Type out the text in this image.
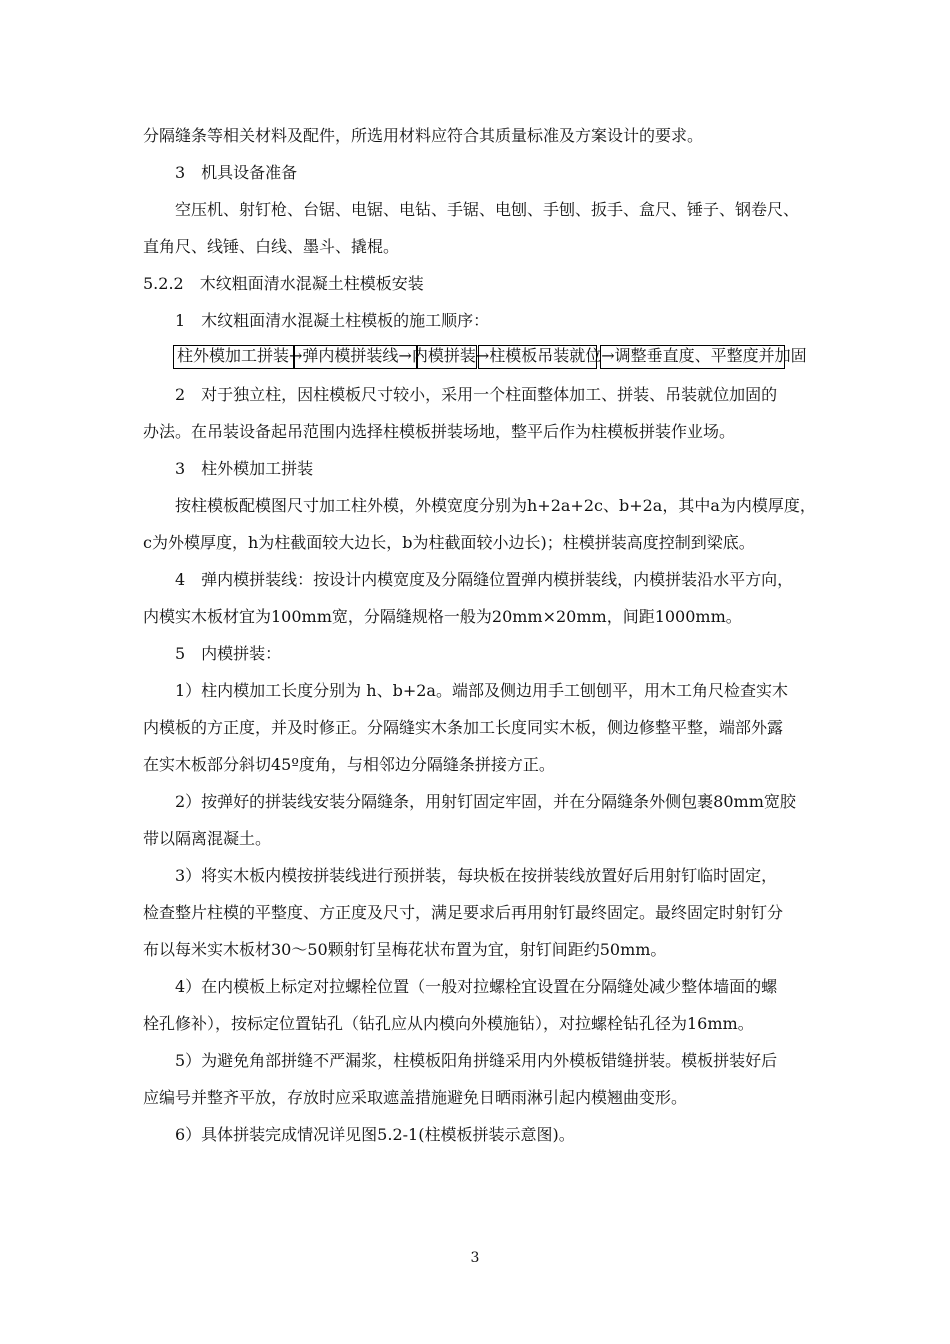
分隔缝条等相关材料及配件，所选用材料应符合其质量标准及方案设计的要求。
3　机具设备准备
空压机、射钉枪、台锯、电锯、电钻、手锯、电刨、手刨、扳手、盒尺、锤子、钢卷尺、
直角尺、线锤、白线、墨斗、撬棍。
5.2.2　木纹粗面清水混凝土柱模板安装
1　木纹粗面清水混凝土柱模板的施工顺序：
柱外模加工拼装→弹内模拼装线→内模拼装→柱模板吊装就位→调整垂直度、平整度并加固
2　对于独立柱，因柱模板尺寸较小，采用一个柱面整体加工、拼装、吊装就位加固的
办法。在吊装设备起吊范围内选择柱模板拼装场地，整平后作为柱模板拼装作业场。
3　柱外模加工拼装
按柱模板配模图尺寸加工柱外模，外模宽度分别为h+2a+2c、b+2a，其中a为内模厚度，
c为外模厚度，h为柱截面较大边长，b为柱截面较小边长)；柱模拼装高度控制到梁底。
4　弹内模拼装线：按设计内模宽度及分隔缝位置弹内模拼装线，内模拼装沿水平方向，
内模实木板材宜为100mm宽，分隔缝规格一般为20mm×20mm，间距1000mm。
5　内模拼装：
1）柱内模加工长度分别为 h、b+2a。端部及侧边用手工刨刨平，用木工角尺检查实木
内模板的方正度，并及时修正。分隔缝实木条加工长度同实木板，侧边修整平整，端部外露
在实木板部分斜切45º度角，与相邻边分隔缝条拼接方正。
2）按弹好的拼装线安装分隔缝条，用射钉固定牢固，并在分隔缝条外侧包裹80mm宽胶
带以隔离混凝土。
3）将实木板内模按拼装线进行预拼装，每块板在按拼装线放置好后用射钉临时固定，
检查整片柱模的平整度、方正度及尺寸，满足要求后再用射钉最终固定。最终固定时射钉分
布以每米实木板材30～50颗射钉呈梅花状布置为宜，射钉间距约50mm。
4）在内模板上标定对拉螺栓位置（一般对拉螺栓宜设置在分隔缝处减少整体墙面的螺
栓孔修补），按标定位置钻孔（钻孔应从内模向外模施钻），对拉螺栓钻孔径为16mm。
5）为避免角部拼缝不严漏浆，柱模板阳角拼缝采用内外模板错缝拼装。模板拼装好后
应编号并整齐平放，存放时应采取遮盖措施避免日晒雨淋引起内模翘曲变形。
6）具体拼装完成情况详见图5.2-1(柱模板拼装示意图)。
3
